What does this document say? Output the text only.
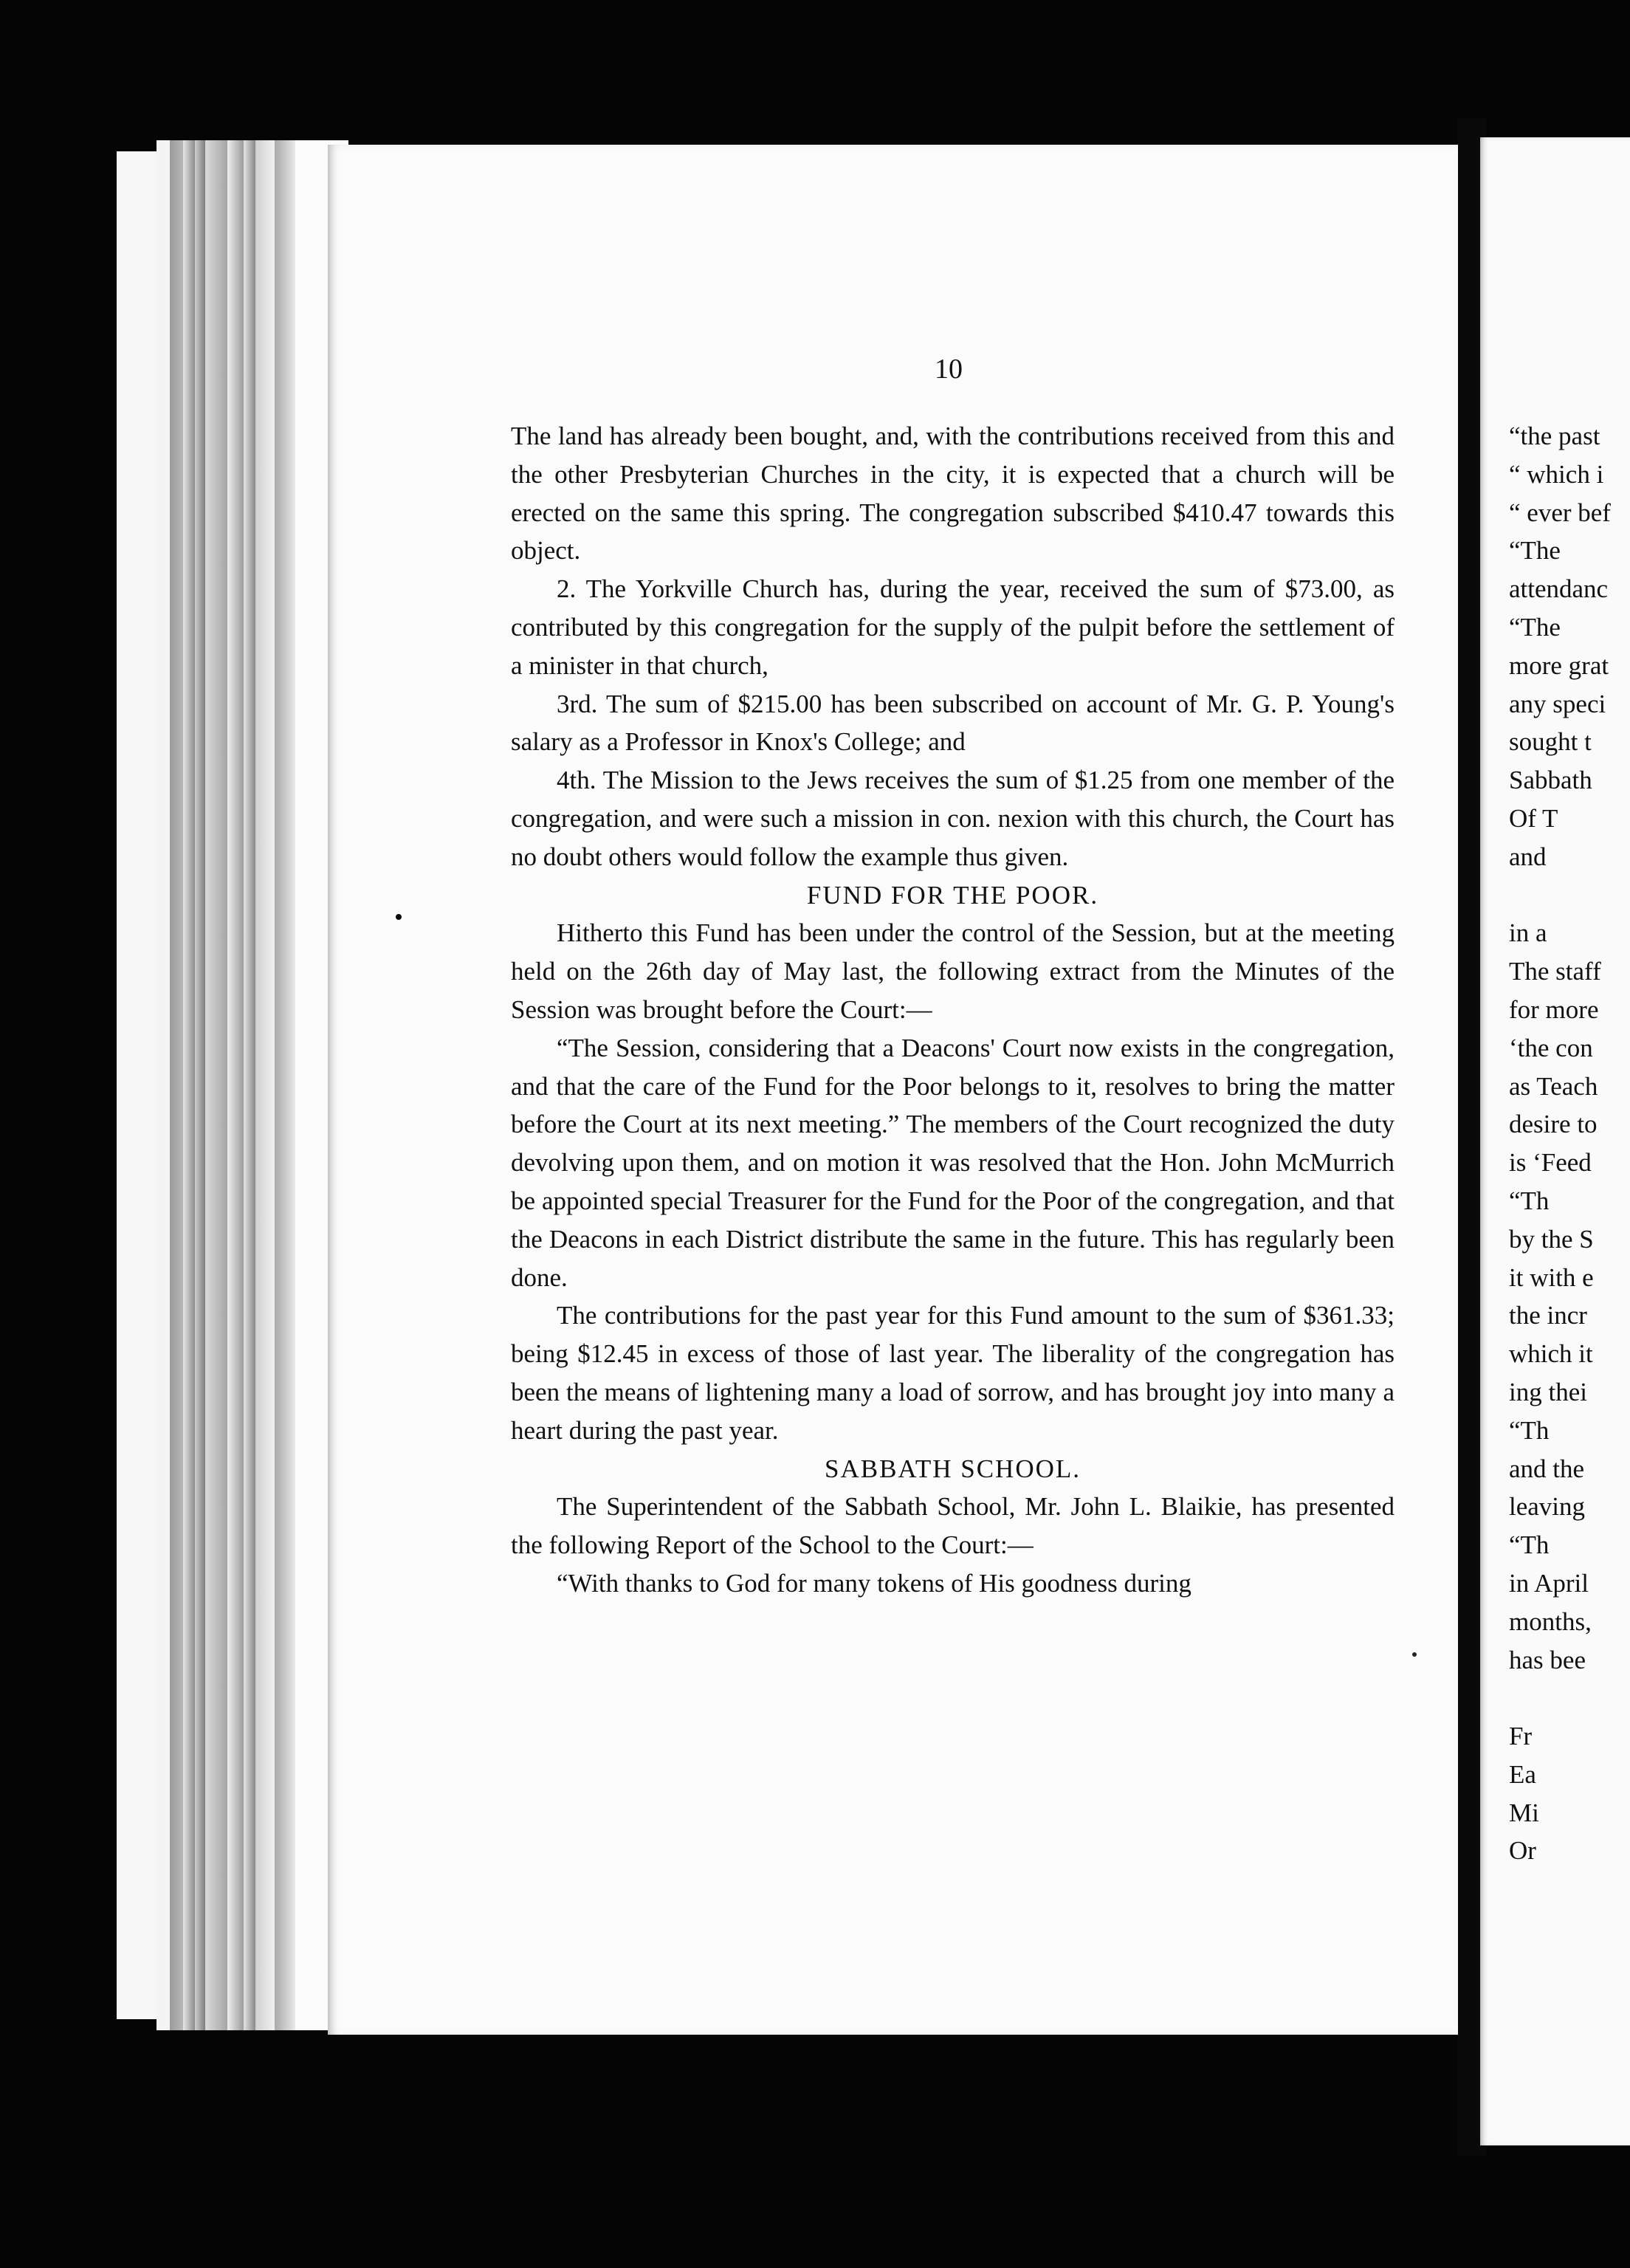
10

The land has already been bought, and, with the contributions received from this and the other Presbyterian Churches in the city, it is expected that a church will be erected on the same this spring. The congregation subscribed $410.47 towards this object.

2. The Yorkville Church has, during the year, received the sum of $73.00, as contributed by this congregation for the supply of the pulpit before the settlement of a minister in that church,

3rd. The sum of $215.00 has been subscribed on account of Mr. G. P. Young's salary as a Professor in Knox's College; and

4th. The Mission to the Jews receives the sum of $1.25 from one member of the congregation, and were such a mission in con. nexion with this church, the Court has no doubt others would follow the example thus given.

FUND FOR THE POOR.

Hitherto this Fund has been under the control of the Session, but at the meeting held on the 26th day of May last, the following extract from the Minutes of the Session was brought before the Court:—

“The Session, considering that a Deacons' Court now exists in the congregation, and that the care of the Fund for the Poor belongs to it, resolves to bring the matter before the Court at its next meeting.” The members of the Court recognized the duty devolving upon them, and on motion it was resolved that the Hon. John McMurrich be appointed special Treasurer for the Fund for the Poor of the congregation, and that the Deacons in each District distribute the same in the future. This has regularly been done.

The contributions for the past year for this Fund amount to the sum of $361.33; being $12.45 in excess of those of last year. The liberality of the congregation has been the means of lightening many a load of sorrow, and has brought joy into many a heart during the past year.

SABBATH SCHOOL.

The Superintendent of the Sabbath School, Mr. John L. Blaikie, has presented the following Report of the School to the Court:—

“With thanks to God for many tokens of His goodness during

“the past
“ which i
“ ever bef
“The
attendanc
“The
more grat
any speci
sought t
Sabbath
Of T
and
in a
The staff
for more
‘the con
as Teach
desire to
is ‘Feed
“Th
by the S
it with e
the incr
which it
ing thei
“Th
and the
leaving
“Th
in April
months,
has bee
Fr
Ea
Mi
Or
